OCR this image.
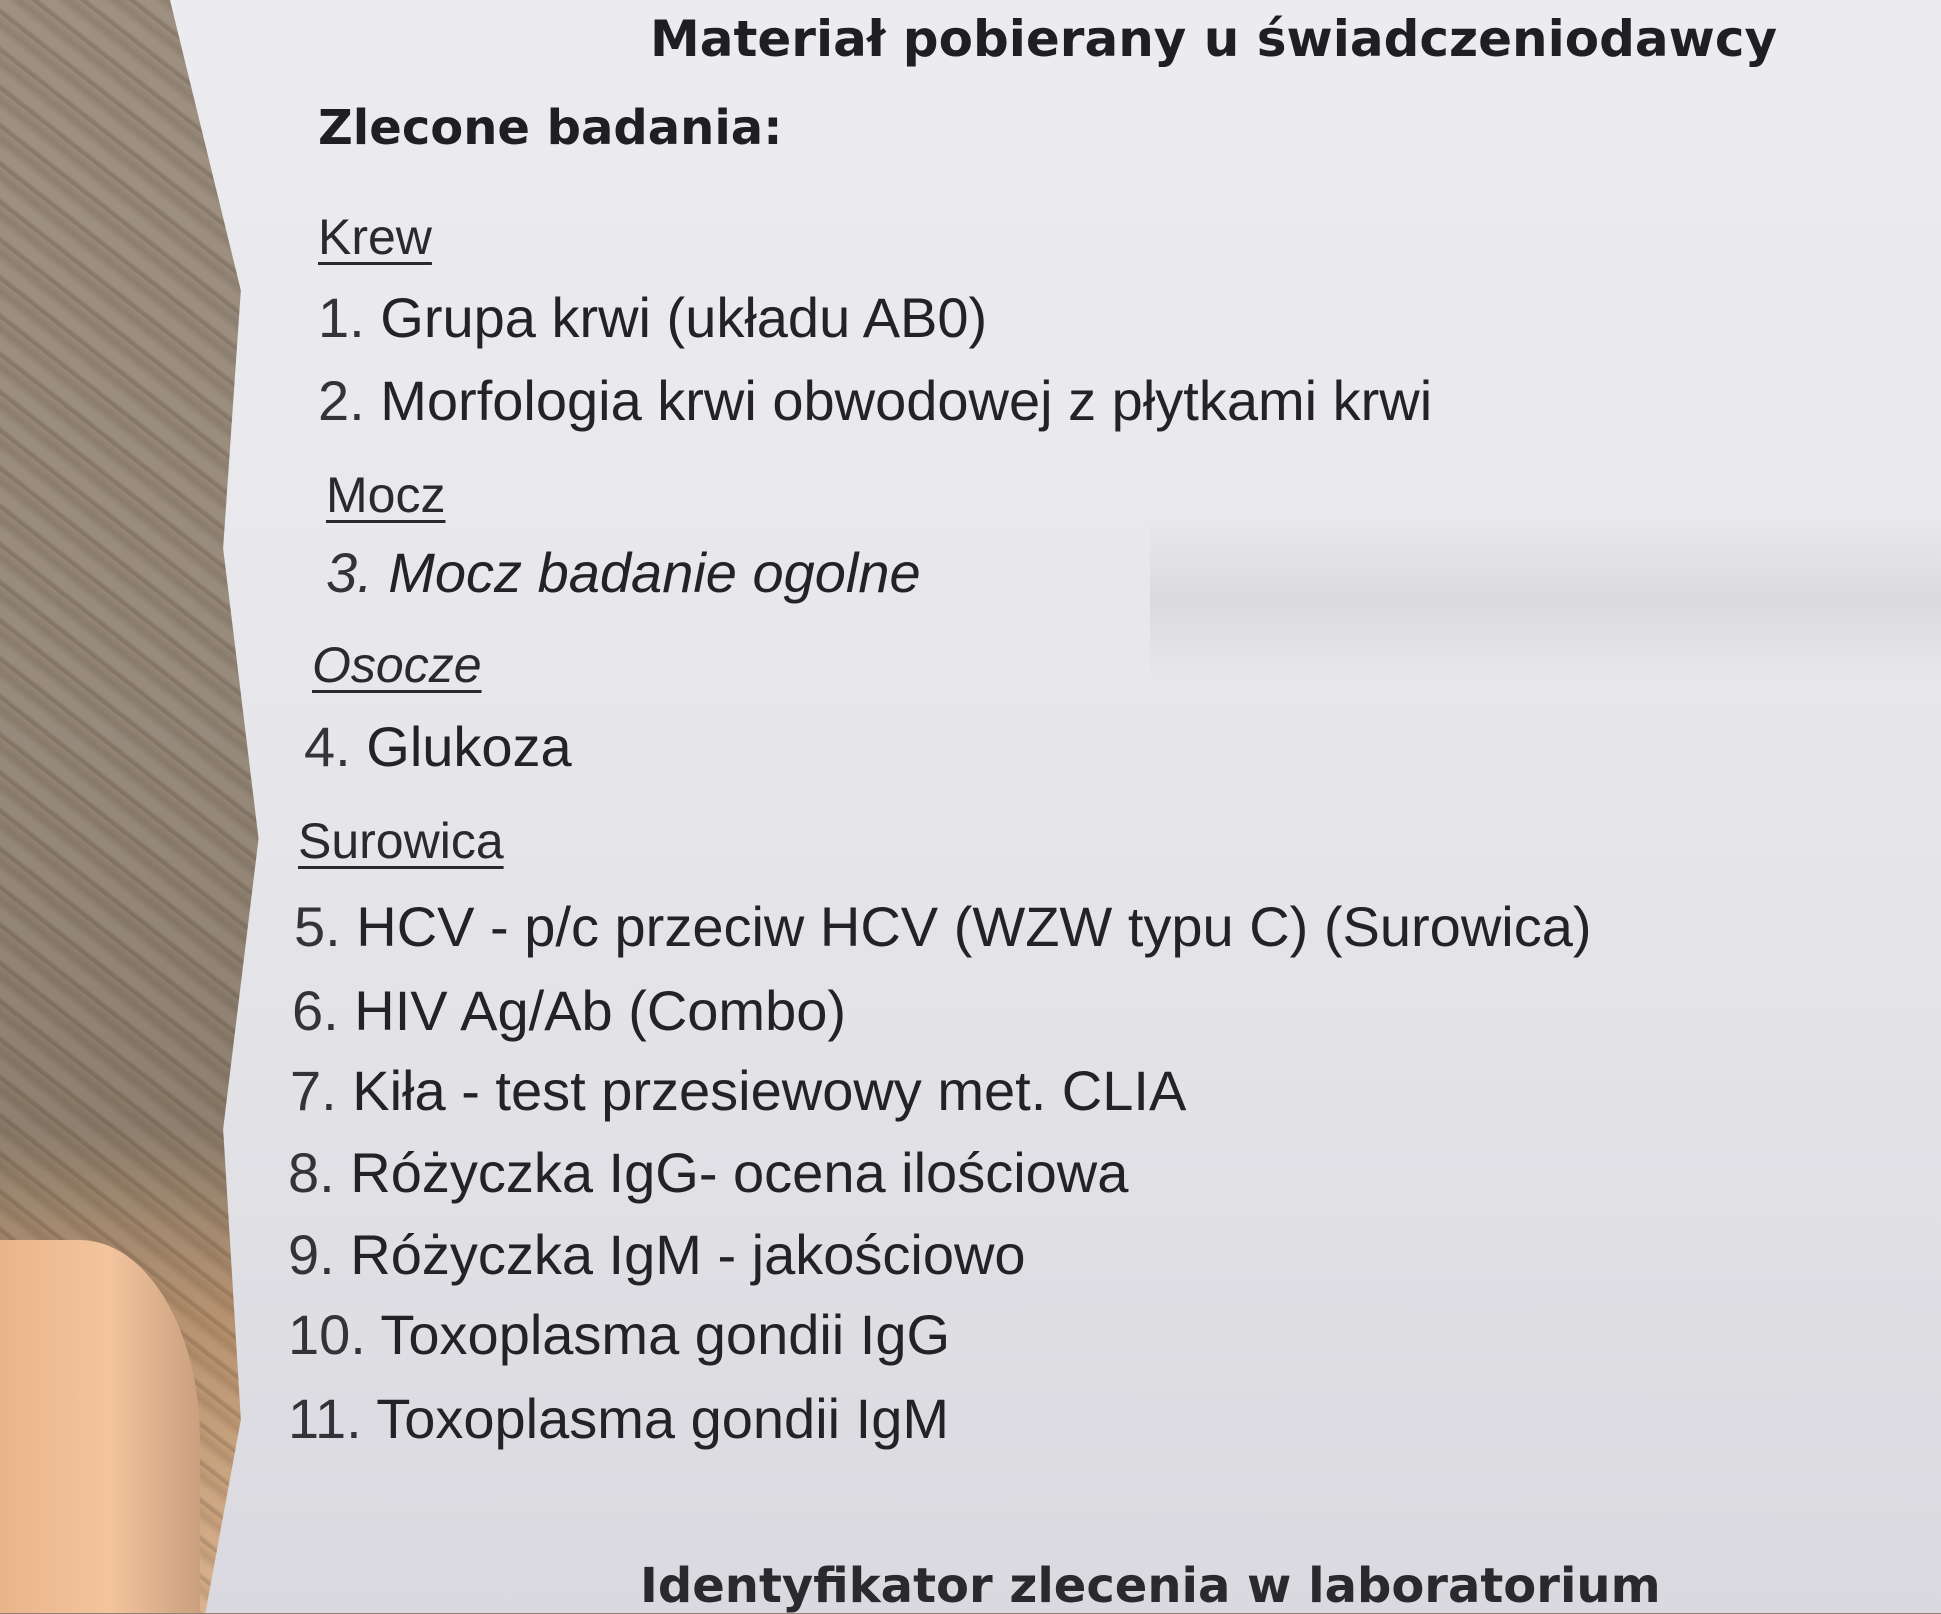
Materiał pobierany u świadczeniodawcy
Zlecone badania:
Krew
1. Grupa krwi (układu AB0)
2. Morfologia krwi obwodowej z płytkami krwi
Mocz
3. Mocz badanie ogolne
Osocze
4. Glukoza
Surowica
5. HCV - p/c przeciw HCV (WZW typu C) (Surowica)
6. HIV Ag/Ab (Combo)
7. Kiła - test przesiewowy met. CLIA
8. Różyczka IgG- ocena ilościowa
9. Różyczka IgM - jakościowo
10. Toxoplasma gondii IgG
11. Toxoplasma gondii IgM
Identyfikator zlecenia w laboratorium
